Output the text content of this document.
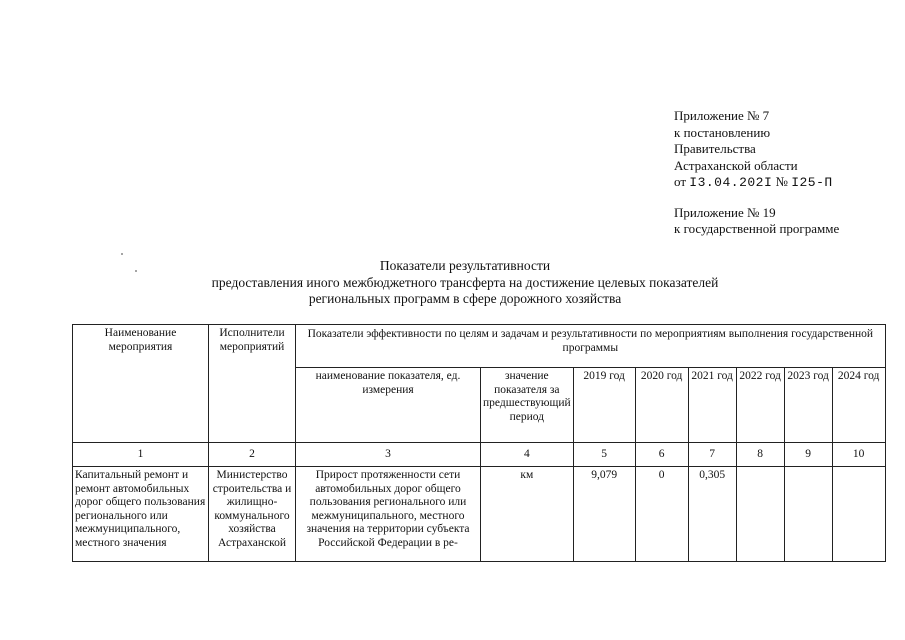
Приложение № 7
к постановлению
Правительства
Астраханской области
от I3.04.202I № I25-П
Приложение № 19
к государственной программе
Показатели результативности
предоставления иного межбюджетного трансферта на достижение целевых показателей
региональных программ в сфере дорожного хозяйства
Наименование мероприятия	Исполнители мероприятий	Показатели эффективности по целям и задачам и результативности по мероприятиям выполнения государственной программы							
		наименование показателя, ед. измерения	значение показателя за предшествующий период	2019 год	2020 год	2021 год	2022 год	2023 год	2024 год
1	2	3	4	5	6	7	8	9	10
Капитальный ремонт и ремонт автомобильных дорог общего пользования регионального или межмуниципального, местного значения	Министерство строительства и жилищно-коммунального хозяйства Астраханской	Прирост протяженности сети автомобильных дорог общего пользования регионального или межмуниципального, местного значения на территории субъекта Российской Федерации в ре-	км	9,079	0	0,305			
